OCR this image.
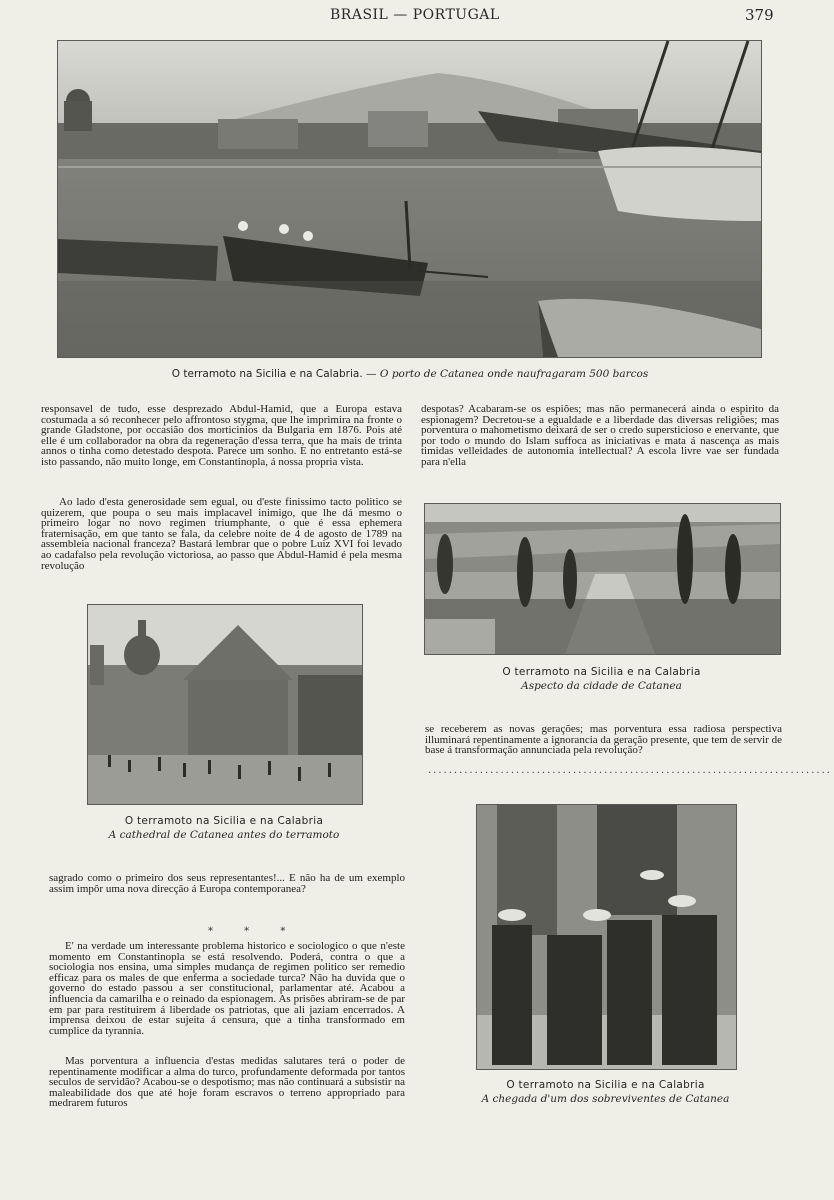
BRASIL — PORTUGAL	379
O terramoto na Sicilia e na Calabria. — O porto de Catanea onde naufragaram 500 barcos

responsavel de tudo, esse desprezado Abdul-Hamid, que a Europa estava costumada a só reconhecer pelo affrontoso stygma, que lhe imprimira na fronte o grande Gladstone, por occasião dos morticinios da Bulgaria em 1876. Pois até elle é um collaborador na obra da regeneração d'essa terra, que ha mais de trinta annos o tinha como detestado despota. Parece um sonho. E no entretanto está-se isto passando, não muito longe, em Constantinopla, á nossa propria vista.

Ao lado d'esta generosidade sem egual, ou d'este finissimo tacto politico se quizerem, que poupa o seu mais implacavel inimigo, que lhe dá mesmo o primeiro logar no novo regimen triumphante, o que é essa ephemera fraternisação, em que tanto se fala, da celebre noite de 4 de agosto de 1789 na assembleia nacional franceza? Bastará lembrar que o pobre Luiz XVI foi levado ao cadafalso pela revolução victoriosa, ao passo que Abdul-Hamid é pela mesma revolução

despotas? Acabaram-se os espiões; mas não permanecerá ainda o espirito da espionagem? Decretou-se a egualdade e a liberdade das diversas religiões; mas porventura o mahometismo deixará de ser o credo supersticioso e enervante, que por todo o mundo do Islam suffoca as iniciativas e mata á nascença as mais timidas velleidades de autonomia intellectual? A escola livre vae ser fundada para n'ella

O terramoto na Sicilia e na Calabria
Aspecto da cidade de Catanea
O terramoto na Sicilia e na Calabria
A cathedral de Catanea antes do terramoto

se receberem as novas gerações; mas porventura essa radiosa perspectiva illuminará repentinamente a ignorancia da geração presente, que tem de servir de base á transformação annunciada pela revolução?

..............................................................................
O terramoto na Sicilia e na Calabria
A chegada d'um dos sobreviventes de Catanea

sagrado como o primeiro dos seus representantes!... E não ha de um exemplo assim impôr uma nova direcção á Europa contemporanea?

* * *

E' na verdade um interessante problema historico e sociologico o que n'este momento em Constantinopla se está resolvendo. Poderá, contra o que a sociologia nos ensina, uma simples mudança de regimen politico ser remedio efficaz para os males de que enferma a sociedade turca? Não ha duvida que o governo do estado passou a ser constitucional, parlamentar até. Acabou a influencia da camarilha e o reinado da espionagem. As prisões abriram-se de par em par para restituirem á liberdade os patriotas, que ali jaziam encerrados. A imprensa deixou de estar sujeita á censura, que a tinha transformado em cumplice da tyrannia.

Mas porventura a influencia d'estas medidas salutares terá o poder de repentinamente modificar a alma do turco, profundamente deformada por tantos seculos de servidão? Acabou-se o despotismo; mas não continuará a subsistir na maleabilidade dos que até hoje foram escravos o terreno appropriado para medrarem futuros
